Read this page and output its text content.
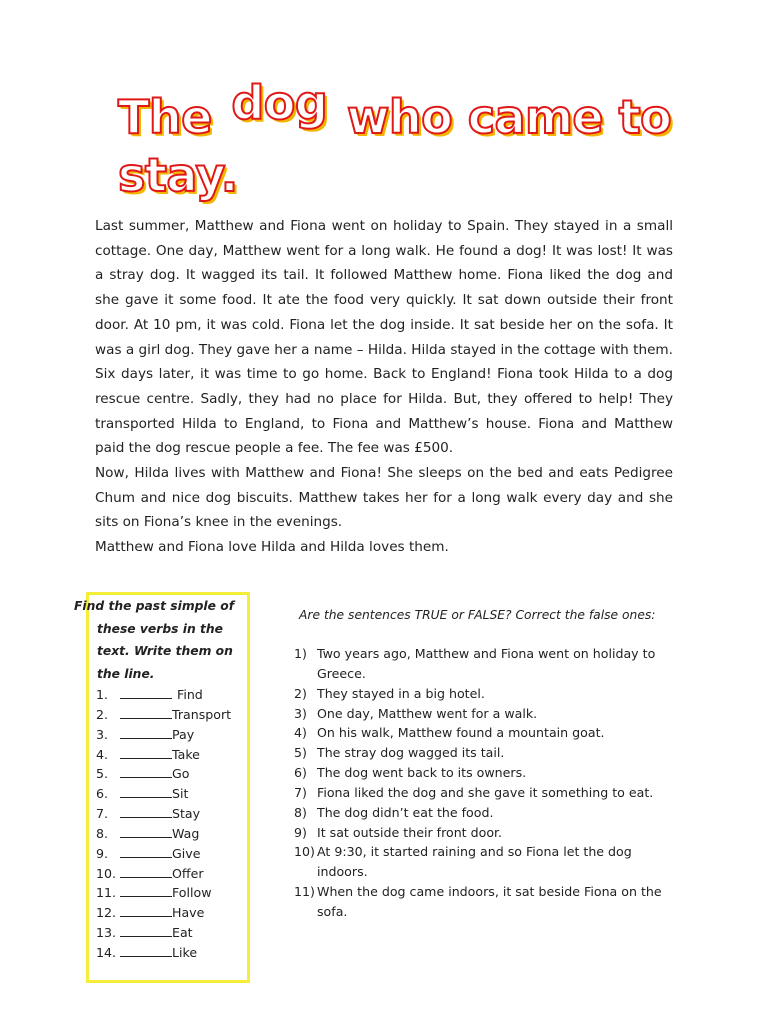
The dog who came to
stay.

Last summer, Matthew and Fiona went on holiday to Spain. They stayed in a small cottage. One day, Matthew went for a long walk. He found a dog! It was lost! It was a stray dog. It wagged its tail. It followed Matthew home. Fiona liked the dog and she gave it some food. It ate the food very quickly. It sat down outside their front door. At 10 pm, it was cold. Fiona let the dog inside. It sat beside her on the sofa. It was a girl dog. They gave her a name – Hilda. Hilda stayed in the cottage with them. Six days later, it was time to go home. Back to England! Fiona took Hilda to a dog rescue centre. Sadly, they had no place for Hilda. But, they offered to help! They transported Hilda to England, to Fiona and Matthew’s house. Fiona and Matthew paid the dog rescue people a fee. The fee was £500.

Now, Hilda lives with Matthew and Fiona! She sleeps on the bed and eats Pedigree Chum and nice dog biscuits. Matthew takes her for a long walk every day and she sits on Fiona’s knee in the evenings.

Matthew and Fiona love Hilda and Hilda loves them.

Find the past simple of
these verbs in the
text. Write them on
the line.
1.	Find
2.	Transport
3.	Pay
4.	Take
5.	Go
6.	Sit
7.	Stay
8.	Wag
9.	Give
10.	Offer
11.	Follow
12.	Have
13.	Eat
14.	Like
Are the sentences TRUE or FALSE? Correct the false ones:
1) Two years ago, Matthew and Fiona went on holiday to Greece.
2) They stayed in a big hotel.
3) One day, Matthew went for a walk.
4) On his walk, Matthew found a mountain goat.
5) The stray dog wagged its tail.
6) The dog went back to its owners.
7) Fiona liked the dog and she gave it something to eat.
8) The dog didn’t eat the food.
9) It sat outside their front door.
10) At 9:30, it started raining and so Fiona let the dog indoors.
11) When the dog came indoors, it sat beside Fiona on the sofa.
